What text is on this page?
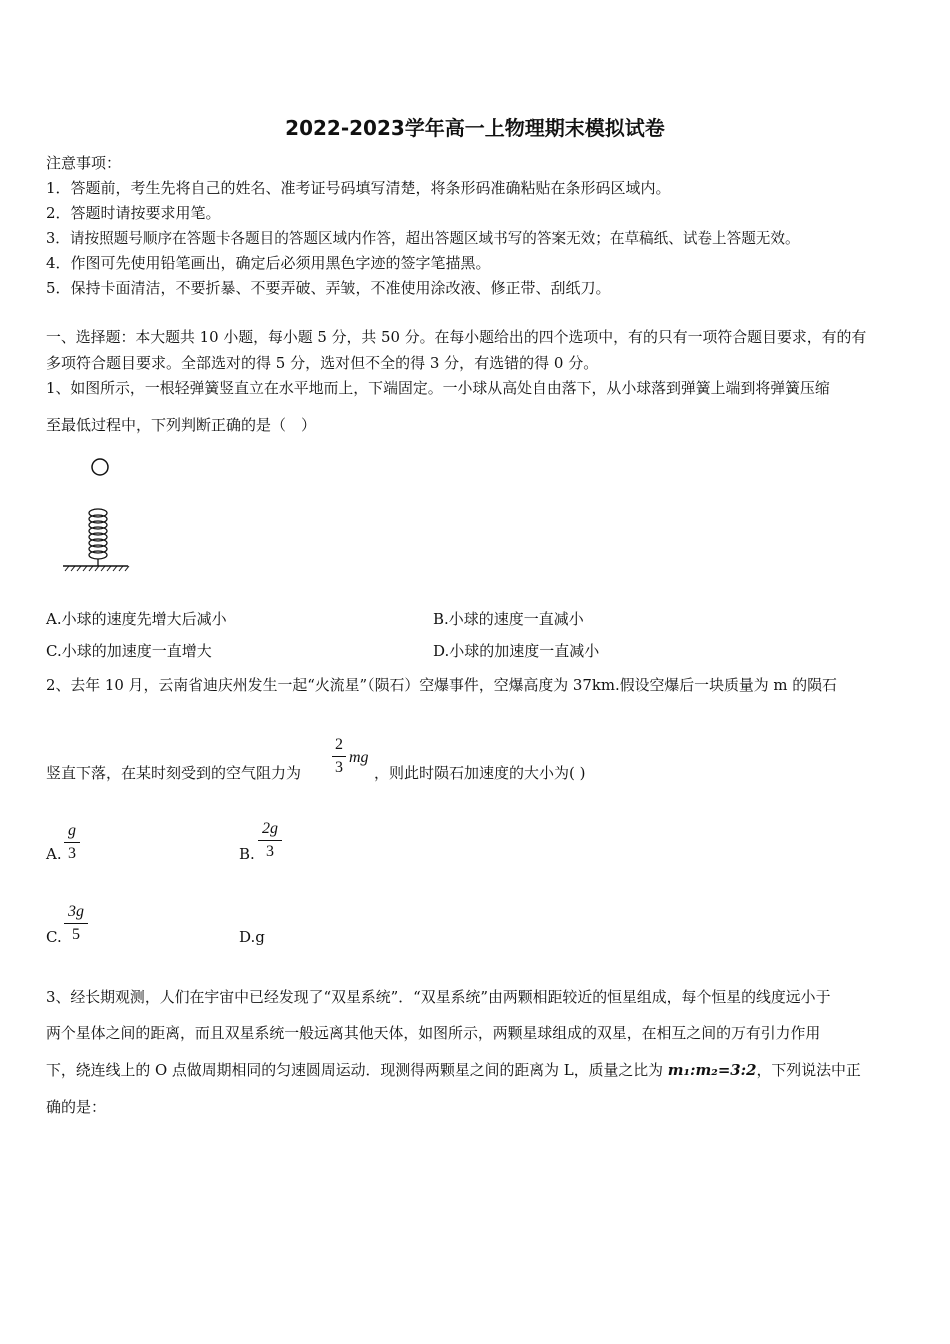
2022-2023学年高一上物理期末模拟试卷
注意事项：
1．答题前，考生先将自己的姓名、准考证号码填写清楚，将条形码准确粘贴在条形码区域内。
2．答题时请按要求用笔。
3．请按照题号顺序在答题卡各题目的答题区域内作答，超出答题区域书写的答案无效；在草稿纸、试卷上答题无效。
4．作图可先使用铅笔画出，确定后必须用黑色字迹的签字笔描黑。
5．保持卡面清洁，不要折暴、不要弄破、弄皱，不准使用涂改液、修正带、刮纸刀。
一、选择题：本大题共 10 小题，每小题 5 分，共 50 分。在每小题给出的四个选项中，有的只有一项符合题目要求，有的有
多项符合题目要求。全部选对的得 5 分，选对但不全的得 3 分，有选错的得 0 分。
1、如图所示，一根轻弹簧竖直立在水平地而上，下端固定。一小球从高处自由落下，从小球落到弹簧上端到将弹簧压缩
至最低过程中，下列判断正确的是（　）
A.小球的速度先增大后减小	B.小球的速度一直减小
C.小球的加速度一直增大	D.小球的加速度一直减小
2、去年 10 月，云南省迪庆州发生一起“火流星”（陨石）空爆事件，空爆高度为 37km.假设空爆后一块质量为 m 的陨石
竖直下落，在某时刻受到的空气阻力为
2
3
mg
，则此时陨石加速度的大小为( )
A.
g
3	B.
2g
3
C.
3g
5	D.g
3、经长期观测，人们在宇宙中已经发现了“双星系统”．“双星系统”由两颗相距较近的恒星组成，每个恒星的线度远小于
两个星体之间的距离，而且双星系统一般远离其他天体，如图所示，两颗星球组成的双星，在相互之间的万有引力作用
下，绕连线上的 O 点做周期相同的匀速圆周运动．现测得两颗星之间的距离为 L，质量之比为 m₁:m₂=3:2，下列说法中正
确的是：
